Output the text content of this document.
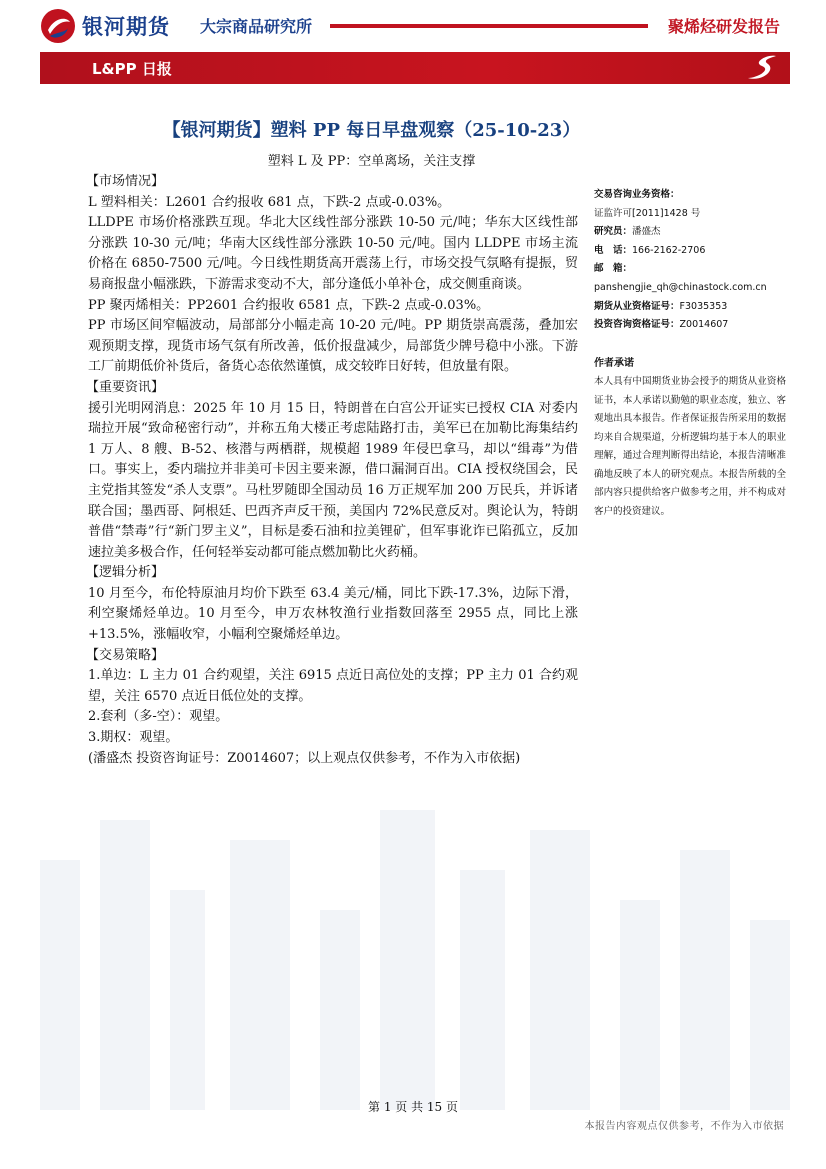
银河期货 大宗商品研究所	聚烯烃研发报告
L&PP 日报
【银河期货】塑料 PP 每日早盘观察（25-10-23）
塑料 L 及 PP：空单离场，关注支撑

【市场情况】

L 塑料相关：L2601 合约报收 681 点，下跌-2 点或-0.03%。

LLDPE 市场价格涨跌互现。华北大区线性部分涨跌 10-50 元/吨；华东大区线性部分涨跌 10-30 元/吨；华南大区线性部分涨跌 10-50 元/吨。国内 LLDPE 市场主流价格在 6850-7500 元/吨。今日线性期货高开震荡上行，市场交投气氛略有提振，贸易商报盘小幅涨跌，下游需求变动不大，部分逢低小单补仓，成交侧重商谈。

PP 聚丙烯相关：PP2601 合约报收 6581 点，下跌-2 点或-0.03%。

PP 市场区间窄幅波动，局部部分小幅走高 10-20 元/吨。PP 期货崇高震荡，叠加宏观预期支撑，现货市场气氛有所改善，低价报盘减少，局部货少牌号稳中小涨。下游工厂前期低价补货后，备货心态依然谨慎，成交较昨日好转，但放量有限。

【重要资讯】

援引光明网消息：2025 年 10 月 15 日，特朗普在白宫公开证实已授权 CIA 对委内瑞拉开展“致命秘密行动”，并称五角大楼正考虑陆路打击，美军已在加勒比海集结约 1 万人、8 艘、B-52、核潜与两栖群，规模超 1989 年侵巴拿马，却以“缉毒”为借口。事实上，委内瑞拉并非美可卡因主要来源，借口漏洞百出。CIA 授权绕国会，民主党指其签发“杀人支票”。马杜罗随即全国动员 16 万正规军加 200 万民兵，并诉诸联合国；墨西哥、阿根廷、巴西齐声反干预，美国内 72%民意反对。舆论认为，特朗普借“禁毒”行“新门罗主义”，目标是委石油和拉美锂矿，但军事讹诈已陷孤立，反加速拉美多极合作，任何轻举妄动都可能点燃加勒比火药桶。

【逻辑分析】

10 月至今，布伦特原油月均价下跌至 63.4 美元/桶，同比下跌-17.3%，边际下滑，利空聚烯烃单边。10 月至今，申万农林牧渔行业指数回落至 2955 点，同比上涨+13.5%，涨幅收窄，小幅利空聚烯烃单边。

【交易策略】

1.单边：L 主力 01 合约观望，关注 6915 点近日高位处的支撑；PP 主力 01 合约观望，关注 6570 点近日低位处的支撑。

2.套利（多-空）：观望。

3.期权：观望。

(潘盛杰 投资咨询证号：Z0014607；以上观点仅供参考，不作为入市依据)

交易咨询业务资格：
证监许可[2011]1428 号
研究员：潘盛杰
电　话：166-2162-2706
邮　箱：
panshengjie_qh@chinastock.com.cn
期货从业资格证号：F3035353
投资咨询资格证号：Z0014607
作者承诺
本人具有中国期货业协会授予的期货从业资格证书，本人承诺以勤勉的职业态度，独立、客观地出具本报告。作者保证报告所采用的数据均来自合规渠道，分析逻辑均基于本人的职业理解，通过合理判断得出结论，本报告清晰准确地反映了本人的研究观点。本报告所载的全部内容只提供给客户做参考之用，并不构成对客户的投资建议。
第 1 页 共 15 页
本报告内容观点仅供参考，不作为入市依据
